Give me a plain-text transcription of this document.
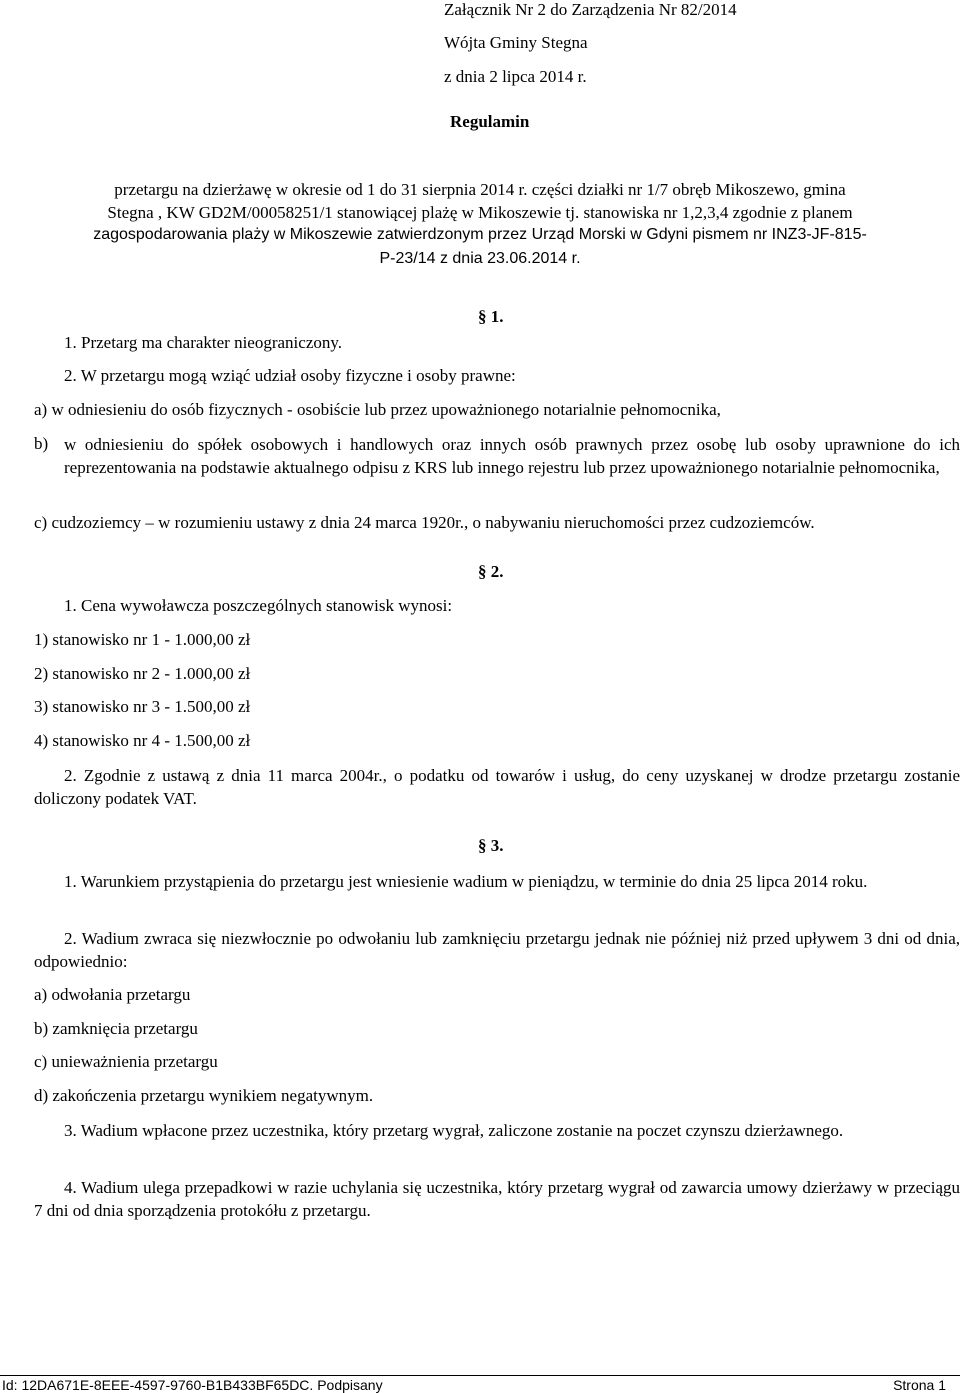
Załącznik Nr 2 do Zarządzenia Nr 82/2014
Wójta Gminy Stegna
z dnia 2 lipca 2014 r.
Regulamin
przetargu na dzierżawę w okresie od 1 do 31 sierpnia 2014 r. części działki nr 1/7 obręb Mikoszewo, gmina
Stegna , KW GD2M/00058251/1 stanowiącej plażę w Mikoszewie tj. stanowiska nr 1,2,3,4 zgodnie z planem
zagospodarowania plaży w Mikoszewie zatwierdzonym przez Urząd Morski w Gdyni pismem nr INZ3-JF-815-
P-23/14 z dnia 23.06.2014 r.
§ 1.
1. Przetarg ma charakter nieograniczony.
2. W przetargu mogą wziąć udział osoby fizyczne i osoby prawne:
a) w odniesieniu do osób fizycznych - osobiście lub przez upoważnionego notarialnie pełnomocnika,
b) w odniesieniu do spółek osobowych i handlowych oraz innych osób prawnych przez osobę lub osoby uprawnione do ich reprezentowania na podstawie aktualnego odpisu z KRS lub innego rejestru lub przez upoważnionego notarialnie pełnomocnika,
c) cudzoziemcy – w rozumieniu ustawy z dnia 24 marca 1920r., o nabywaniu nieruchomości przez cudzoziemców.
§ 2.
1. Cena wywoławcza poszczególnych stanowisk wynosi:
1) stanowisko nr 1 - 1.000,00 zł
2) stanowisko nr 2 - 1.000,00 zł
3) stanowisko nr 3 - 1.500,00 zł
4) stanowisko nr 4 - 1.500,00 zł
2. Zgodnie z ustawą z dnia 11 marca 2004r., o podatku od towarów i usług, do ceny uzyskanej w drodze przetargu zostanie doliczony podatek VAT.
§ 3.
1. Warunkiem przystąpienia do przetargu jest wniesienie wadium w pieniądzu, w terminie do dnia 25 lipca 2014 roku.
2. Wadium zwraca się niezwłocznie po odwołaniu lub zamknięciu przetargu jednak nie później niż przed upływem 3 dni od dnia, odpowiednio:
a) odwołania przetargu
b) zamknięcia przetargu
c) unieważnienia przetargu
d) zakończenia przetargu wynikiem negatywnym.
3. Wadium wpłacone przez uczestnika, który przetarg wygrał, zaliczone zostanie na poczet czynszu dzierżawnego.
4. Wadium ulega przepadkowi w razie uchylania się uczestnika, który przetarg wygrał od zawarcia umowy dzierżawy w przeciągu 7 dni od dnia sporządzenia protokółu z przetargu.
Id: 12DA671E-8EEE-4597-9760-B1B433BF65DC. Podpisany	Strona 1
